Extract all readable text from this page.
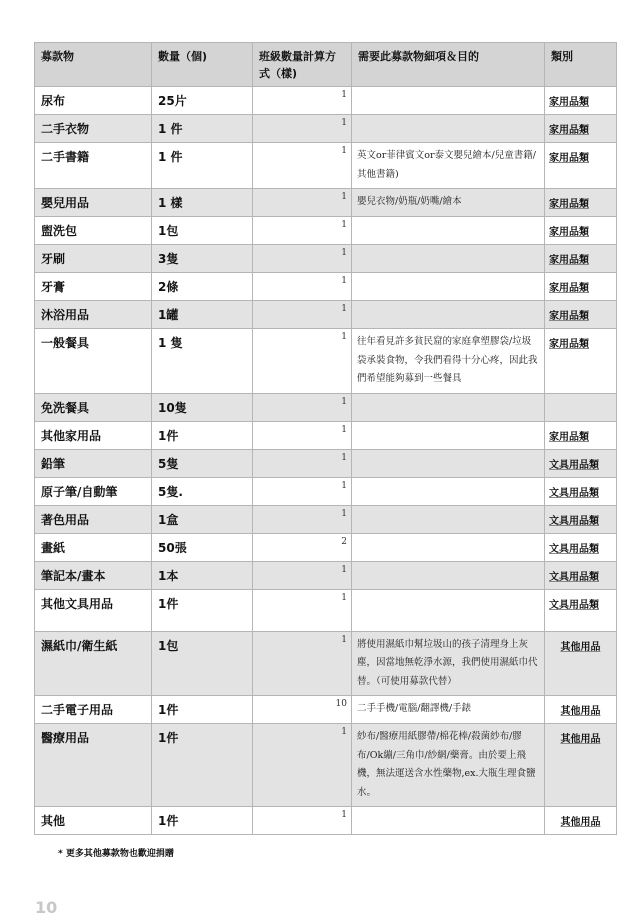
募款物	數量（個)	班級數量計算方式（樣)	需要此募款物細項＆目的	類別
尿布	25片	1		家用品類
二手衣物	1 件	1		家用品類
二手書籍	1 件	1	英文or菲律賓文or泰文嬰兒繪本/兒童書籍/其他書籍)	家用品類
嬰兒用品	1 樣	1	嬰兒衣物/奶瓶/奶嘴/繪本	家用品類
盥洗包	1包	1		家用品類
牙刷	3隻	1		家用品類
牙膏	2條	1		家用品類
沐浴用品	1罐	1		家用品類
一般餐具	1 隻	1	往年看見許多貧民窟的家庭拿塑膠袋/垃圾袋承裝食物，令我們看得十分心疼，因此我們希望能夠募到一些餐具	家用品類
免洗餐具	10隻	1		
其他家用品	1件	1		家用品類
鉛筆	5隻	1		文具用品類
原子筆/自動筆	5隻.	1		文具用品類
著色用品	1盒	1		文具用品類
畫紙	50張	2		文具用品類
筆記本/畫本	1本	1		文具用品類
其他文具用品	1件	1		文具用品類
濕紙巾/衛生紙	1包	1	將使用濕紙巾幫垃圾山的孩子清理身上灰塵，因當地無乾淨水源，我們使用濕紙巾代替。（可使用募款代替）	其他用品
二手電子用品	1件	10	二手手機/電腦/翻譯機/手錶	其他用品
醫療用品	1件	1	紗布/醫療用紙膠帶/棉花棒/殺菌紗布/膠布/Ok繃/三角巾/紗網/藥膏。由於要上飛機，無法運送含水性藥物,ex.大瓶生理食鹽水。	其他用品
其他	1件	1		其他用品
* 更多其他募款物也歡迎捐贈
10
